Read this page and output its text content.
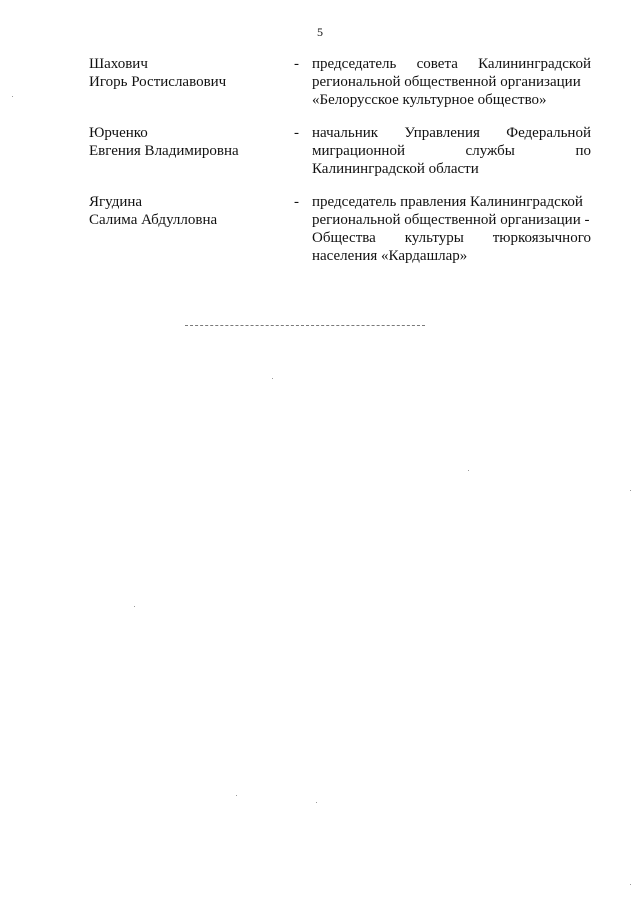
5
Шахович
Игорь Ростиславович
- председатель совета Калининградской
региональной общественной организации
«Белорусское культурное общество»
Юрченко
Евгения Владимировна
- начальник Управления Федеральной
миграционной	службы	по
Калининградской области
Ягудина
Салима Абдулловна
- председатель правления Калининградской
региональной общественной организации -
Общества культуры тюркоязычного
населения «Кардашлар»
